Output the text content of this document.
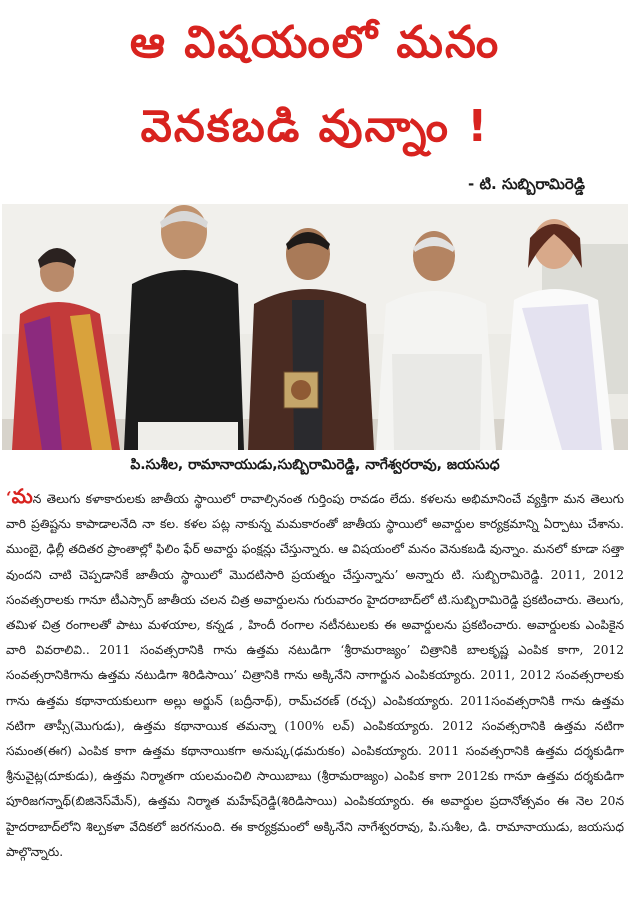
ఆ విషయంలో మనం
వెనకబడి వున్నాం !
- టి. సుబ్బిరామిరెడ్డి
పి.సుశీల, రామానాయుడు,సుబ్బిరామిరెడ్డి, నాగేశ్వరరావు, జయసుధ
‘మన తెలుగు కళాకారులకు జాతీయ స్థాయిలో రావాల్సినంత గుర్తింపు రావడం లేదు. కళలను అభిమానించే వ్యక్తిగా మన తెలుగు వారి ప్రతిష్టను కాపాడాలనేది నా కల. కళల పట్ల నాకున్న మమకారంతో జాతీయ స్థాయిలో అవార్డుల కార్యక్రమాన్ని ఏర్పాటు చేశాను. ముంబై, ఢిల్లీ తదితర ప్రాంతాల్లో ఫిలిం ఫేర్ అవార్డు ఫంక్షన్లు చేస్తున్నారు. ఆ విషయంలో మనం వెనుకబడి వున్నాం. మనలో కూడా సత్తా వుందని చాటి చెప్పడానికే జాతీయ స్థాయిలో మొదటిసారి ప్రయత్నం చేస్తున్నాను’ అన్నారు టి. సుబ్బిరామిరెడ్డి. 2011, 2012 సంవత్సరాలకు గానూ టీఎస్సార్ జాతీయ చలన చిత్ర అవార్డులను గురువారం హైదరాబాద్‌లో టి.సుబ్బిరామిరెడ్డి ప్రకటించారు. తెలుగు, తమిళ చిత్ర రంగాలతో పాటు మళయాల, కన్నడ , హిందీ రంగాల నటీనటులకు ఈ అవార్డులను ప్రకటించారు. అవార్డులకు ఎంపికైన వారి వివరాలివి.. 2011 సంవత్సరానికి గాను ఉత్తమ నటుడిగా ‘శ్రీరామరాజ్యం’ చిత్రానికి బాలకృష్ణ ఎంపిక కాగా, 2012 సంవత్సరానికిగాను ఉత్తమ నటుడిగా శిరిడిసాయి’ చిత్రానికి గాను అక్కినేని నాగార్జున ఎంపికయ్యారు. 2011, 2012 సంవత్సరాలకు గాను ఉత్తమ కథానాయకులుగా అల్లు అర్జున్ (బద్రీనాథ్), రామ్‌చరణ్ (రచ్చ) ఎంపికయ్యారు. 2011సంవత్సరానికి గాను ఉత్తమ నటిగా తాప్సీ(మొగుడు), ఉత్తమ కథానాయిక తమన్నా (100% లవ్) ఎంపికయ్యారు. 2012 సంవత్సరానికి ఉత్తమ నటిగా సమంత(ఈగ) ఎంపిక కాగా ఉత్తమ కథానాయికగా అనుష్క(ఢమరుకం) ఎంపికయ్యారు. 2011 సంవత్సరానికి ఉత్తమ దర్శకుడిగా శ్రీనువైట్ల(దూకుడు), ఉత్తమ నిర్మాతగా యలమంచిలి సాయిబాబు (శ్రీరామరాజ్యం) ఎంపిక కాగా 2012కు గానూ ఉత్తమ దర్శకుడిగా పూరిజగన్నాథ్(బిజినెస్‌మేన్), ఉత్తమ నిర్మాత మహేష్‌రెడ్డి(శిరిడిసాయి) ఎంపికయ్యారు. ఈ అవార్డుల ప్రదానోత్సవం ఈ నెల 20న హైదరాబాద్‌లోని శిల్పకళా వేదికలో జరగనుంది. ఈ కార్యక్రమంలో అక్కినేని నాగేశ్వరరావు, పి.సుశీల, డి. రామానాయుడు, జయసుధ పాల్గొన్నారు.
